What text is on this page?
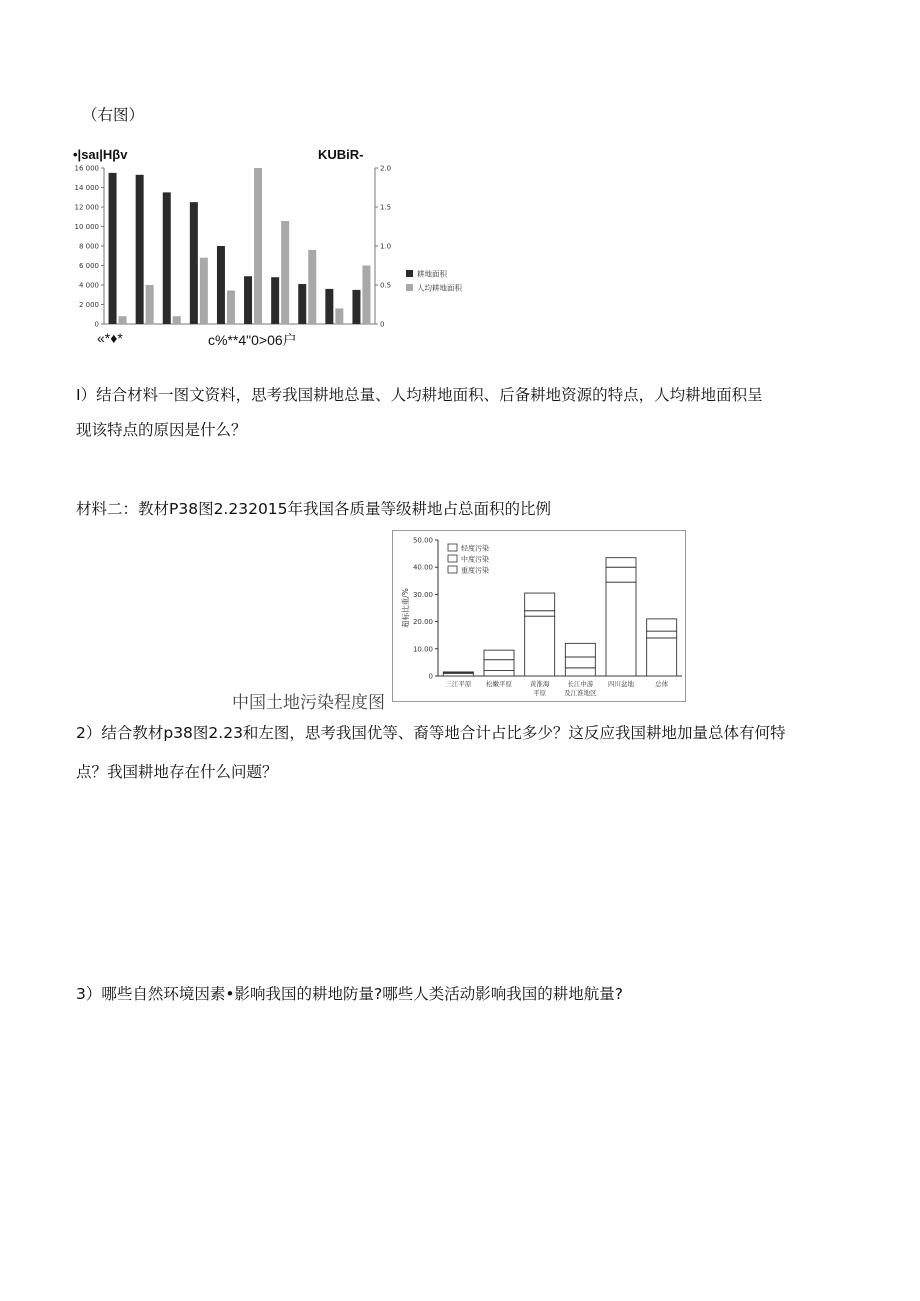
（右图）
•|saι|Hβv	KUBiR-
0
2 000
4 000
6 000
8 000
10 000
12 000
14 000
16 000
0
0.5
1.0
1.5
2.0
耕地面积
人均耕地面积
«*♦*	c%**4"0>06户
I）结合材料一图文资料，思考我国耕地总量、人均耕地面积、后备耕地资源的特点，人均耕地面积呈
现该特点的原因是什么？
材料二：教材P38图2.232015年我国各质量等级耕地占总面积的比例
0
10.00
20.00
30.00
40.00
50.00
超标比重/%
三江平原 松嫩平原	黄淮海
平原
长江中游
及江淮地区
四川盆地	总体
轻度污染
中度污染
重度污染
中国土地污染程度图
2）结合教材p38图2.23和左图，思考我国优等、裔等地合计占比多少？这反应我国耕地加量总体有何特
点？我国耕地存在什么问题？
3）哪些自然环境因素•影响我国的耕地防量?哪些人类活动影响我国的耕地航量?
